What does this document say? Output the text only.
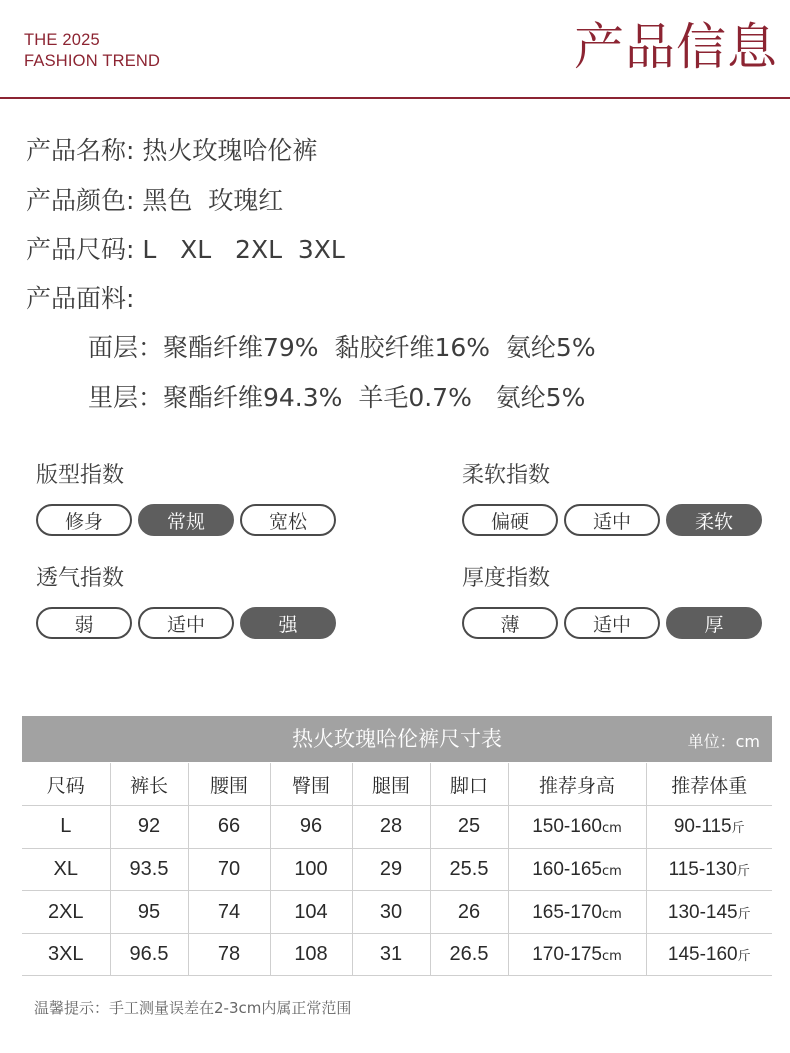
THE 2025
FASHION TREND	产品信息
产品名称: 热火玫瑰哈伦裤
产品颜色: 黑色  玫瑰红
产品尺码: L   XL   2XL  3XL
产品面料:
面层：聚酯纤维79%  黏胶纤维16%  氨纶5%
里层：聚酯纤维94.3%  羊毛0.7%   氨纶5%
版型指数
修身	常规	宽松
柔软指数
偏硬	适中	柔软
透气指数
弱	适中	强
厚度指数
薄	适中	厚
热火玫瑰哈伦裤尺寸表	单位：cm
尺码	裤长	腰围	臀围	腿围	脚口	推荐身高	推荐体重
L	92	66	96	28	25	150-160cm	90-115斤
XL	93.5	70	100	29	25.5	160-165cm	115-130斤
2XL	95	74	104	30	26	165-170cm	130-145斤
3XL	96.5	78	108	31	26.5	170-175cm	145-160斤
温馨提示：手工测量误差在2-3cm内属正常范围
